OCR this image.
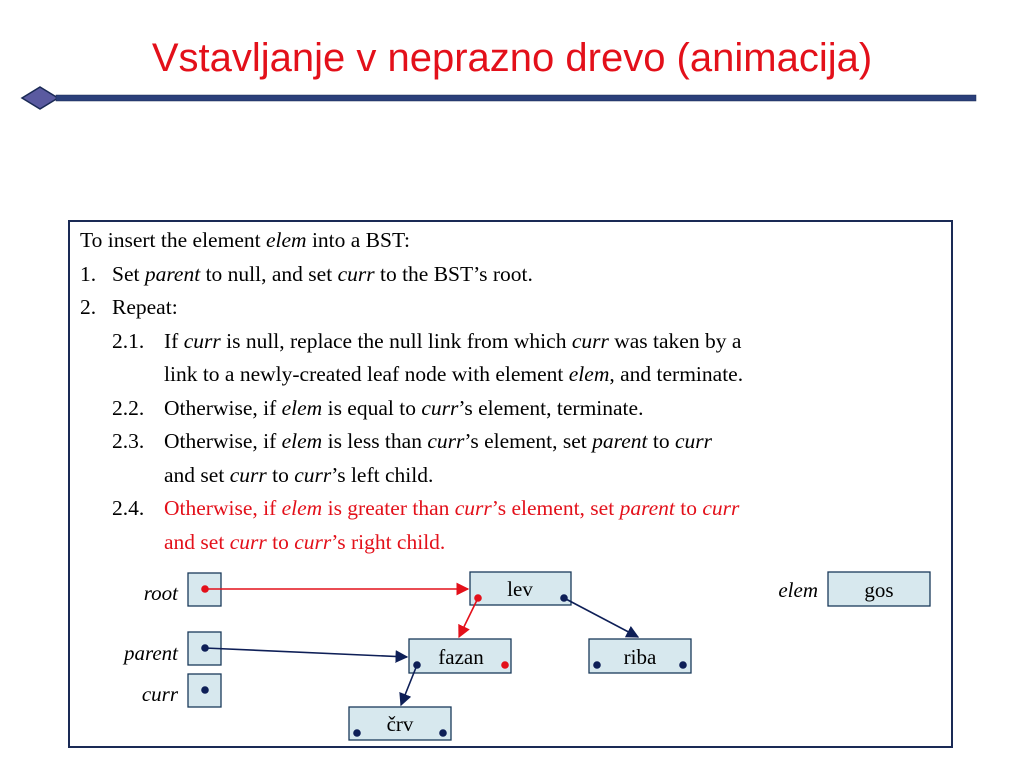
Vstavljanje v neprazno drevo (animacija)
To insert the element elem into a BST:
1. Set parent to null, and set curr to the BST’s root.
2. Repeat:
2.1. If curr is null, replace the null link from which curr was taken by a
link to a newly-created leaf node with element elem, and terminate.
2.2. Otherwise, if elem is equal to curr’s element, terminate.
2.3. Otherwise, if elem is less than curr’s element, set parent to curr
and set curr to curr’s left child.
2.4. Otherwise, if elem is greater than curr’s element, set parent to curr
and set curr to curr’s right child.
root
parent
curr
elem gos
lev
fazan	riba
črv
